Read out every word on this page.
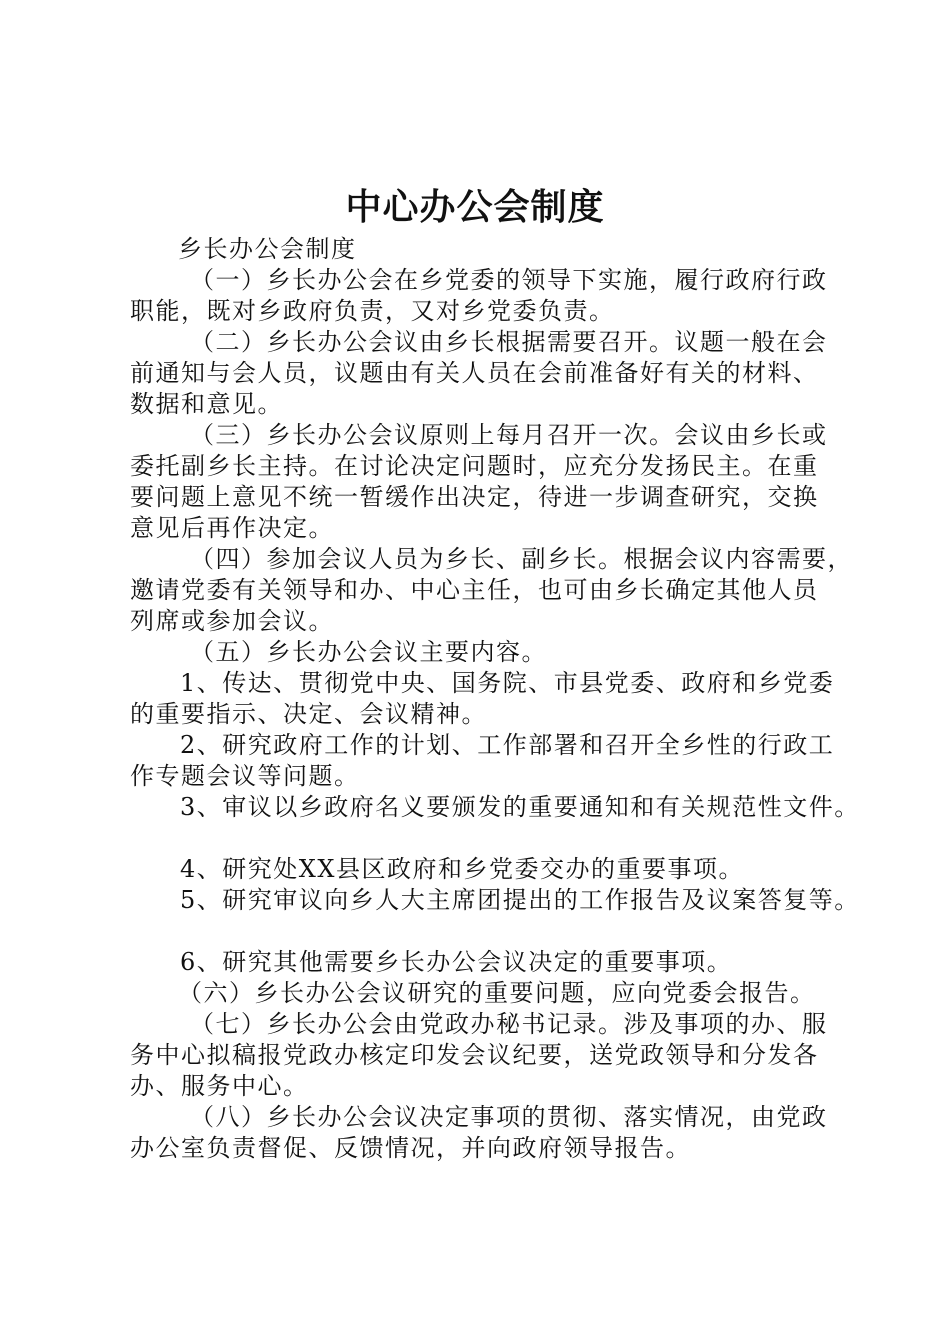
中心办公会制度
乡长办公会制度
（一）乡长办公会在乡党委的领导下实施，履行政府行政
职能，既对乡政府负责，又对乡党委负责。
（二）乡长办公会议由乡长根据需要召开。议题一般在会
前通知与会人员，议题由有关人员在会前准备好有关的材料、
数据和意见。
（三）乡长办公会议原则上每月召开一次。会议由乡长或
委托副乡长主持。在讨论决定问题时，应充分发扬民主。在重
要问题上意见不统一暂缓作出决定，待进一步调查研究，交换
意见后再作决定。
（四）参加会议人员为乡长、副乡长。根据会议内容需要，
邀请党委有关领导和办、中心主任，也可由乡长确定其他人员
列席或参加会议。
（五）乡长办公会议主要内容。
1、传达、贯彻党中央、国务院、市县党委、政府和乡党委
的重要指示、决定、会议精神。
2、研究政府工作的计划、工作部署和召开全乡性的行政工
作专题会议等问题。
3、审议以乡政府名义要颁发的重要通知和有关规范性文件。
4、研究处XX县区政府和乡党委交办的重要事项。
5、研究审议向乡人大主席团提出的工作报告及议案答复等。
6、研究其他需要乡长办公会议决定的重要事项。
（六）乡长办公会议研究的重要问题，应向党委会报告。
（七）乡长办公会由党政办秘书记录。涉及事项的办、服
务中心拟稿报党政办核定印发会议纪要，送党政领导和分发各
办、服务中心。
（八）乡长办公会议决定事项的贯彻、落实情况，由党政
办公室负责督促、反馈情况，并向政府领导报告。
